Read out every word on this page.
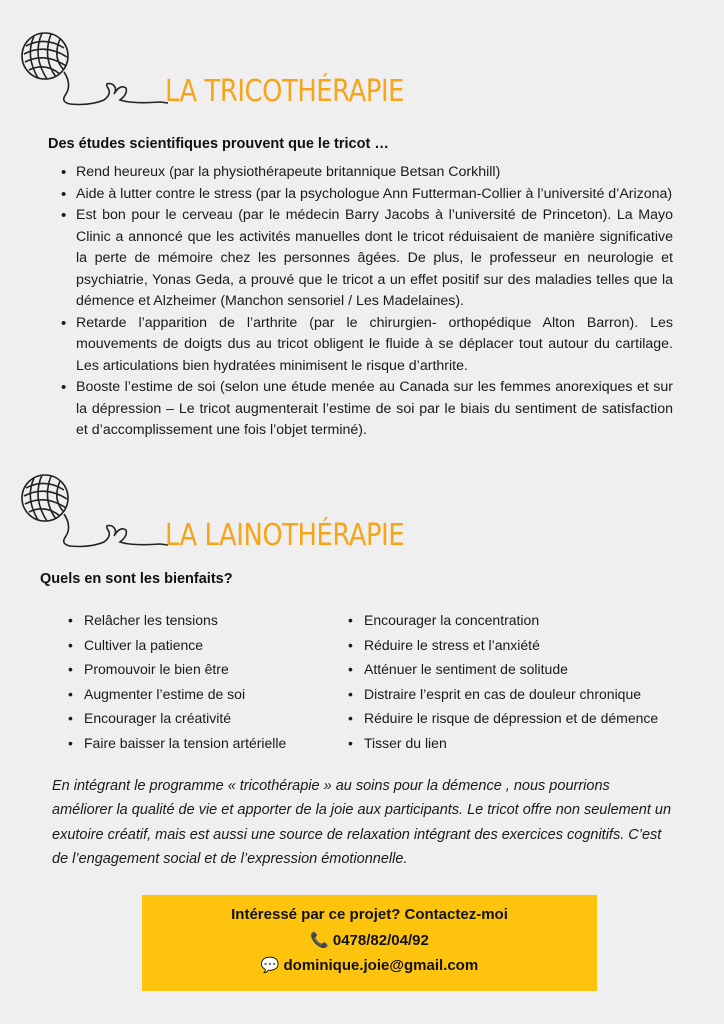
LA TRICOTHÉRAPIE
Des études scientifiques prouvent que le tricot …
• Rend heureux (par la physiothérapeute britannique Betsan Corkhill)
• Aide à lutter contre le stress (par la psychologue Ann Futterman-Collier à l’université d’Arizona)
• Est bon pour le cerveau (par le médecin Barry Jacobs à l’université de Princeton). La Mayo Clinic a annoncé que les activités manuelles dont le tricot réduisaient de manière significative la perte de mémoire chez les personnes âgées. De plus, le professeur en neurologie et psychiatrie, Yonas Geda, a prouvé que le tricot a un effet positif sur des maladies telles que la démence et Alzheimer (Manchon sensoriel / Les Madelaines).
• Retarde l’apparition de l’arthrite (par le chirurgien- orthopédique Alton Barron). Les mouvements de doigts dus au tricot obligent le fluide à se déplacer tout autour du cartilage. Les articulations bien hydratées minimisent le risque d’arthrite.
• Booste l’estime de soi (selon une étude menée au Canada sur les femmes anorexiques et sur la dépression – Le tricot augmenterait l’estime de soi par le biais du sentiment de satisfaction et d’accomplissement une fois l’objet terminé).
LA LAINOTHÉRAPIE
Quels en sont les bienfaits?
• Relâcher les tensions
• Cultiver la patience
• Promouvoir le bien être
• Augmenter l’estime de soi
• Encourager la créativité
• Faire baisser la tension artérielle
• Encourager la concentration
• Réduire le stress et l’anxiété
• Atténuer le sentiment de solitude
• Distraire l’esprit en cas de douleur chronique
• Réduire le risque de dépression et de démence
• Tisser du lien

En intégrant le programme « tricothérapie » au soins pour la démence , nous pourrions améliorer la qualité de vie et apporter de la joie aux participants. Le tricot offre non seulement un exutoire créatif, mais est aussi une source de relaxation intégrant des exercices cognitifs. C’est de l’engagement social et de l’expression émotionnelle.

Intéressé par ce projet? Contactez-moi
📞 0478/82/04/92
💬 dominique.joie@gmail.com
